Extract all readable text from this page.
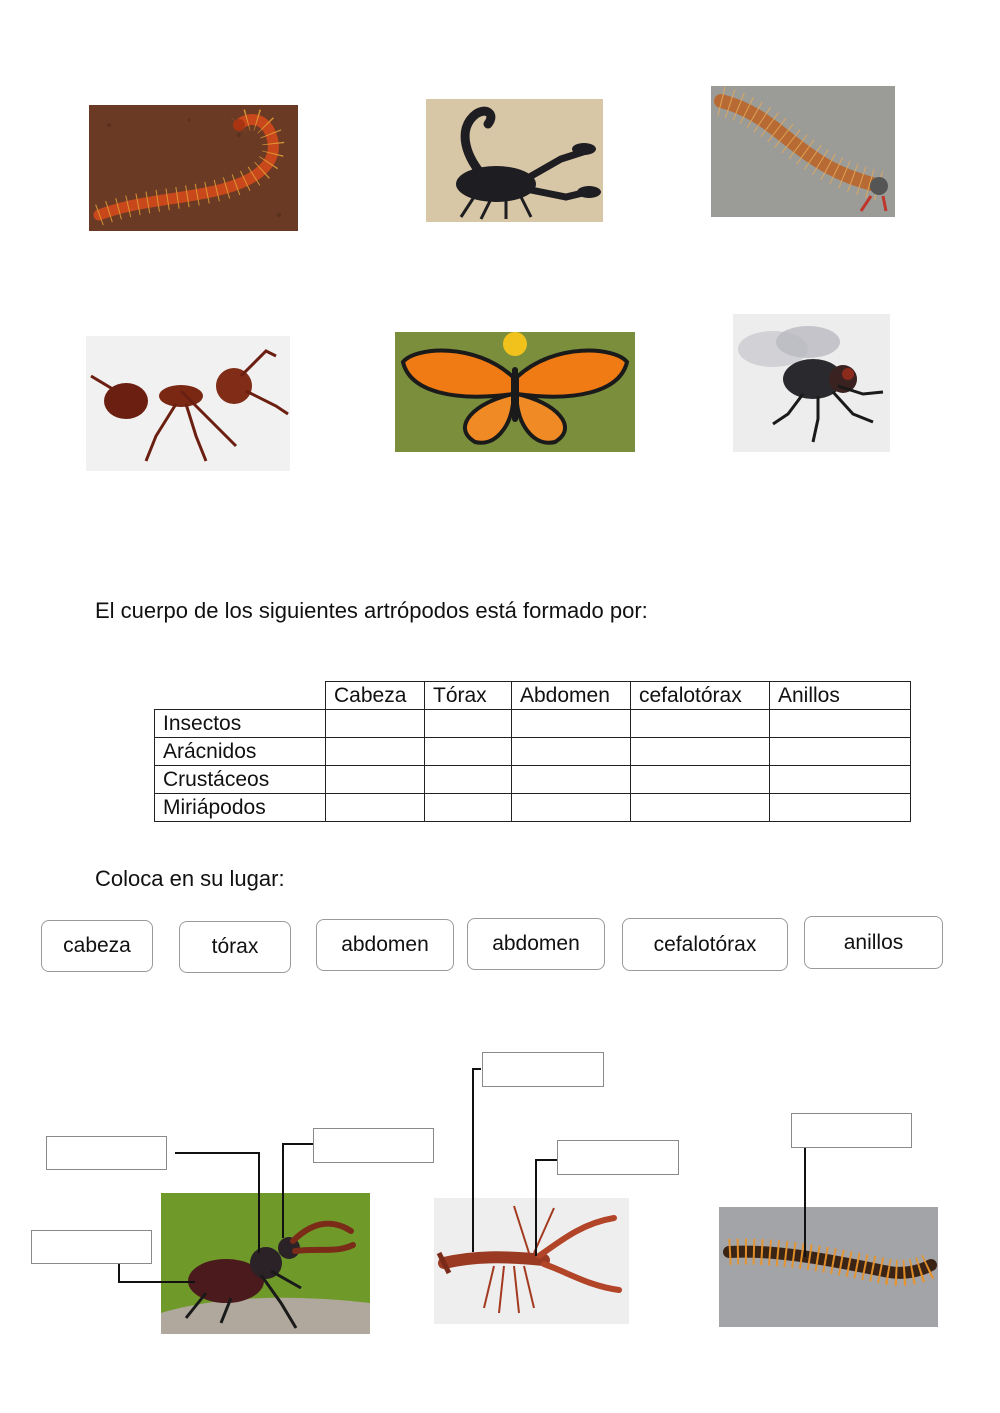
El cuerpo de los siguientes artrópodos está formado por:
	Cabeza	Tórax	Abdomen	cefalotórax	Anillos
Insectos					
Arácnidos					
Crustáceos					
Miriápodos					
Coloca en su lugar:
cabeza	tórax	abdomen	abdomen	cefalotórax	anillos
